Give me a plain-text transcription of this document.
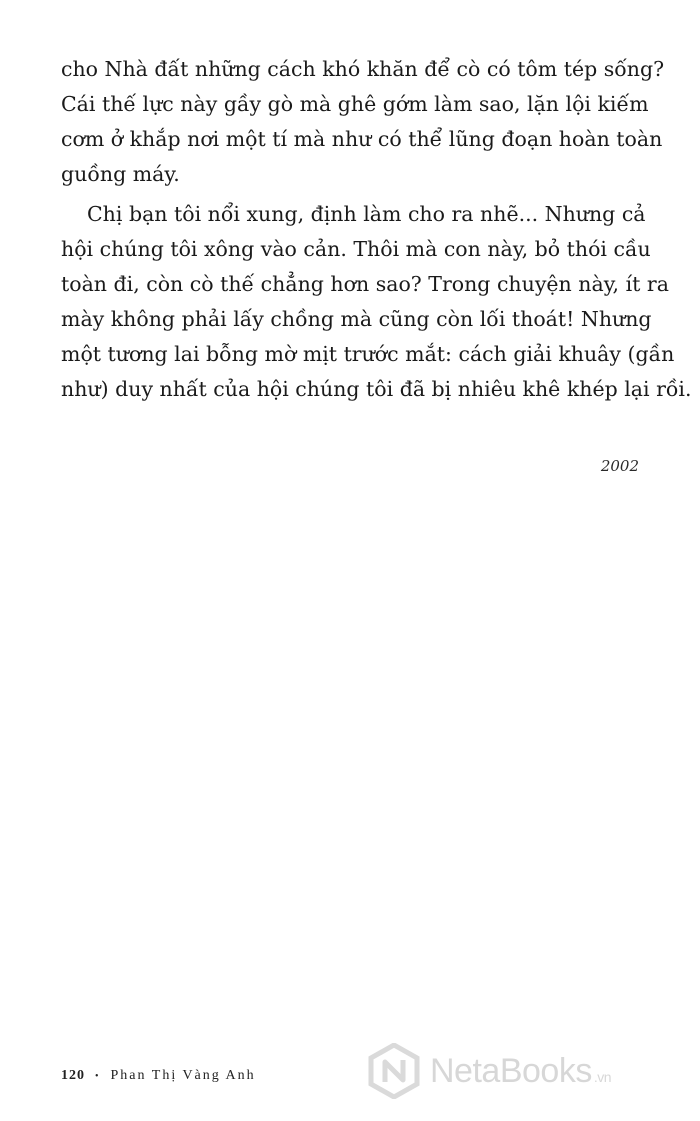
cho Nhà đất những cách khó khăn để cò có tôm tép sống?
Cái thế lực này gầy gò mà ghê gớm làm sao, lặn lội kiếm
cơm ở khắp nơi một tí mà như có thể lũng đoạn hoàn toàn
guồng máy.
Chị bạn tôi nổi xung, định làm cho ra nhẽ... Nhưng cả
hội chúng tôi xông vào cản. Thôi mà con này, bỏ thói cầu
toàn đi, còn cò thế chẳng hơn sao? Trong chuyện này, ít ra
mày không phải lấy chồng mà cũng còn lối thoát! Nhưng
một tương lai bỗng mờ mịt trước mắt: cách giải khuây (gần
như) duy nhất của hội chúng tôi đã bị nhiêu khê khép lại rồi.
2002
120 • Phan Thị Vàng Anh	NetaBooks .vn
